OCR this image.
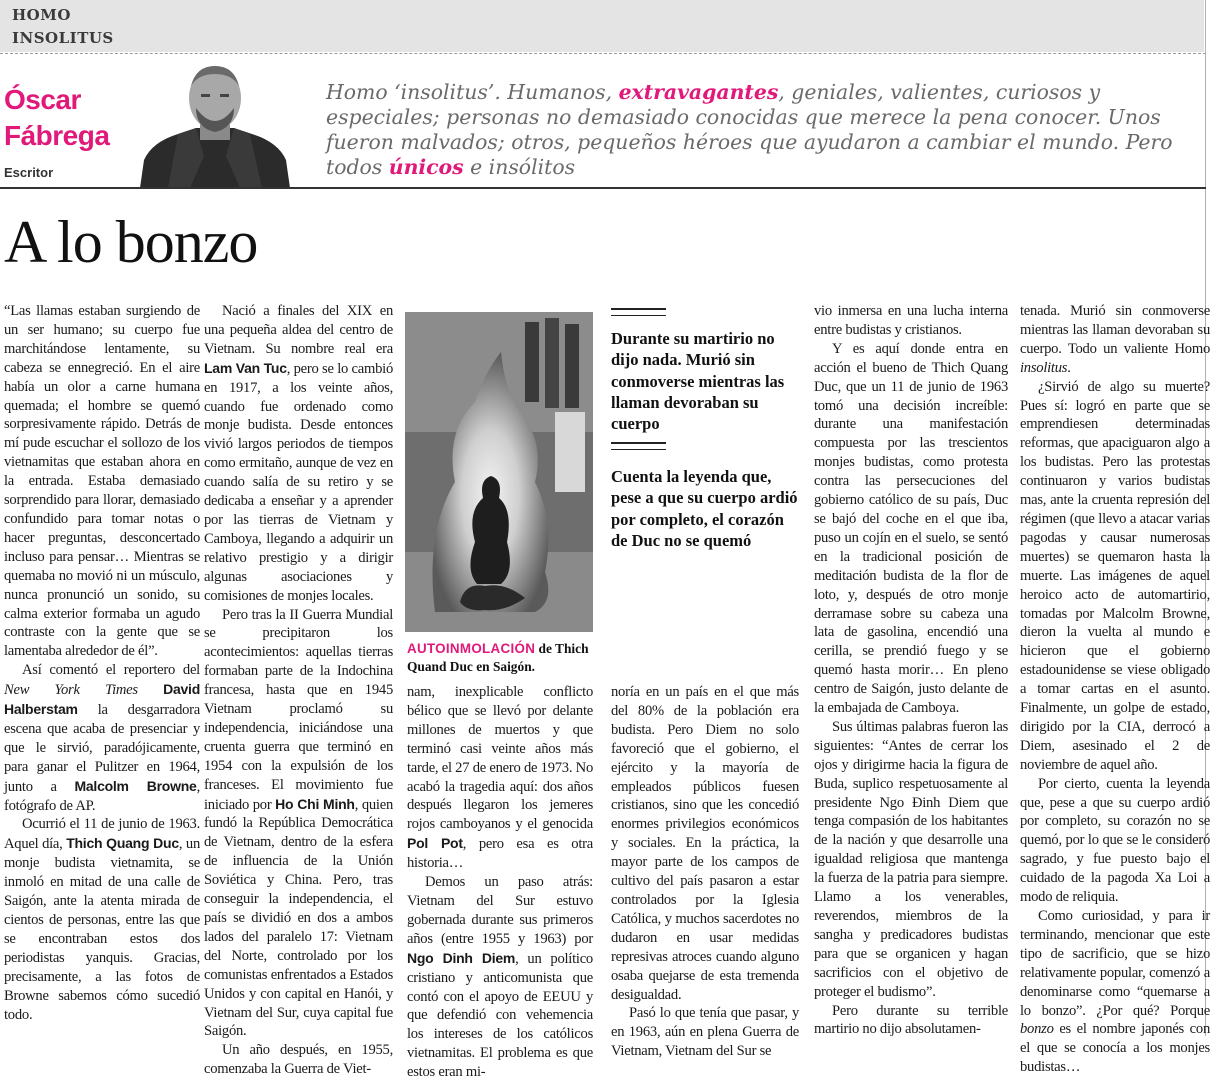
HOMO
INSOLITUS
Óscar
Fábrega
Escritor
Homo ‘insolitus’. Humanos, extravagantes, geniales, valientes, curiosos y especiales; personas no demasiado conocidas que merece la pena conocer. Unos fueron malvados; otros, pequeños héroes que ayudaron a cambiar el mundo. Pero todos únicos e insólitos
A lo bonzo

“Las llamas estaban surgiendo de un ser humano; su cuerpo fue marchitándose lentamente, su cabeza se ennegreció. En el aire había un olor a carne humana quemada; el hombre se quemó sorpresivamente rápido. Detrás de mí pude escuchar el sollozo de los vietnamitas que estaban ahora en la entrada. Estaba demasiado sorprendido para llorar, demasiado confundido para tomar notas o hacer preguntas, desconcertado incluso para pensar… Mientras se quemaba no movió ni un músculo, nunca pronunció un sonido, su calma exterior formaba un agudo contraste con la gente que se lamentaba alrededor de él”.

Así comentó el reportero del New York Times David Halberstam la desgarradora escena que acaba de presenciar y que le sirvió, paradójicamente, para ganar el Pulitzer en 1964, junto a Malcolm Browne, fotógrafo de AP.

Ocurrió el 11 de junio de 1963. Aquel día, Thich Quang Duc, un monje budista vietnamita, se inmoló en mitad de una calle de Saigón, ante la atenta mirada de cientos de personas, entre las que se encontraban estos dos periodistas yanquis. Gracias, precisamente, a las fotos de Browne sabemos cómo sucedió todo.

Nació a finales del XIX en una pequeña aldea del centro de Vietnam. Su nombre real era Lam Van Tuc, pero se lo cambió en 1917, a los veinte años, cuando fue ordenado como monje budista. Desde entonces vivió largos periodos de tiempos como ermitaño, aunque de vez en cuando salía de su retiro y se dedicaba a enseñar y a aprender por las tierras de Vietnam y Camboya, llegando a adquirir un relativo prestigio y a dirigir algunas asociaciones y comisiones de monjes locales.

Pero tras la II Guerra Mundial se precipitaron los acontecimientos: aquellas tierras formaban parte de la Indochina francesa, hasta que en 1945 Vietnam proclamó su independencia, iniciándose una cruenta guerra que terminó en 1954 con la expulsión de los franceses. El movimiento fue iniciado por Ho Chi Minh, quien fundó la República Democrática de Vietnam, dentro de la esfera de influencia de la Unión Soviética y China. Pero, tras conseguir la independencia, el país se dividió en dos a ambos lados del paralelo 17: Vietnam del Norte, controlado por los comunistas enfrentados a Estados Unidos y con capital en Hanói, y Vietnam del Sur, cuya capital fue Saigón.

Un año después, en 1955, comenzaba la Guerra de Viet-

AUTOINMOLACIÓN de Thich Quand Duc en Saigón.
Durante su martirio no dijo nada. Murió sin conmoverse mientras las llaman devoraban su cuerpo
Cuenta la leyenda que, pese a que su cuerpo ardió por completo, el corazón de Duc no se quemó

nam, inexplicable conflicto bélico que se llevó por delante millones de muertos y que terminó casi veinte años más tarde, el 27 de enero de 1973. No acabó la tragedia aquí: dos años después llegaron los jemeres rojos camboyanos y el genocida Pol Pot, pero esa es otra historia…

Demos un paso atrás: Vietnam del Sur estuvo gobernada durante sus primeros años (entre 1955 y 1963) por Ngo Dinh Diem, un político cristiano y anticomunista que contó con el apoyo de EEUU y que defendió con vehemencia los intereses de los católicos vietnamitas. El problema es que estos eran mi-

noría en un país en el que más del 80% de la población era budista. Pero Diem no solo favoreció que el gobierno, el ejército y la mayoría de empleados públicos fuesen cristianos, sino que les concedió enormes privilegios económicos y sociales. En la práctica, la mayor parte de los campos de cultivo del país pasaron a estar controlados por la Iglesia Católica, y muchos sacerdotes no dudaron en usar medidas represivas atroces cuando alguno osaba quejarse de esta tremenda desigualdad.

Pasó lo que tenía que pasar, y en 1963, aún en plena Guerra de Vietnam, Vietnam del Sur se

vio inmersa en una lucha interna entre budistas y cristianos.

Y es aquí donde entra en acción el bueno de Thich Quang Duc, que un 11 de junio de 1963 tomó una decisión increíble: durante una manifestación compuesta por las trescientos monjes budistas, como protesta contra las persecuciones del gobierno católico de su país, Duc se bajó del coche en el que iba, puso un cojín en el suelo, se sentó en la tradicional posición de meditación budista de la flor de loto, y, después de otro monje derramase sobre su cabeza una lata de gasolina, encendió una cerilla, se prendió fuego y se quemó hasta morir… En pleno centro de Saigón, justo delante de la embajada de Camboya.

Sus últimas palabras fueron las siguientes: “Antes de cerrar los ojos y dirigirme hacia la figura de Buda, suplico respetuosamente al presidente Ngo Đinh Diem que tenga compasión de los habitantes de la nación y que desarrolle una igualdad religiosa que mantenga la fuerza de la patria para siempre. Llamo a los venerables, reverendos, miembros de la sangha y predicadores budistas para que se organicen y hagan sacrificios con el objetivo de proteger el budismo”.

Pero durante su terrible martirio no dijo absolutamen-

tenada. Murió sin conmoverse mientras las llaman devoraban su cuerpo. Todo un valiente Homo insolitus.

¿Sirvió de algo su muerte? Pues sí: logró en parte que se emprendiesen determinadas reformas, que apaciguaron algo a los budistas. Pero las protestas continuaron y varios budistas mas, ante la cruenta represión del régimen (que llevo a atacar varias pagodas y causar numerosas muertes) se quemaron hasta la muerte. Las imágenes de aquel heroico acto de automartirio, tomadas por Malcolm Browne, dieron la vuelta al mundo e hicieron que el gobierno estadounidense se viese obligado a tomar cartas en el asunto. Finalmente, un golpe de estado, dirigido por la CIA, derrocó a Diem, asesinado el 2 de noviembre de aquel año.

Por cierto, cuenta la leyenda que, pese a que su cuerpo ardió por completo, su corazón no se quemó, por lo que se le consideró sagrado, y fue puesto bajo el cuidado de la pagoda Xa Loi a modo de reliquia.

Como curiosidad, y para ir terminando, mencionar que este tipo de sacrificio, que se hizo relativamente popular, comenzó a denominarse como “quemarse a lo bonzo”. ¿Por qué? Porque bonzo es el nombre japonés con el que se conocía a los monjes budistas…
